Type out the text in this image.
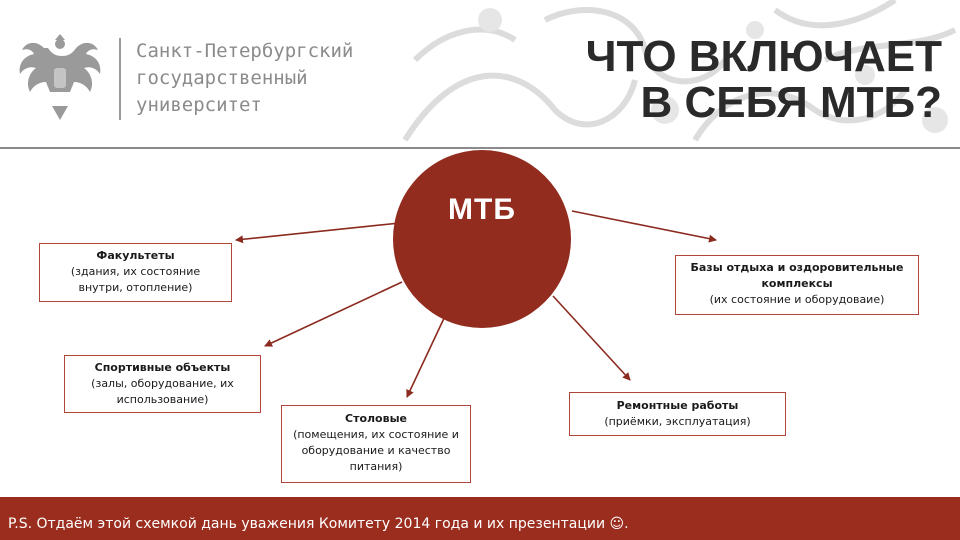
Санкт-Петербургский
государственный
университет
ЧТО ВКЛЮЧАЕТ
В СЕБЯ МТБ?
МТБ
Факультеты
(здания, их состояние
внутри, отопление)
Спортивные объекты
(залы, оборудование, их
использование)
Столовые
(помещения, их состояние и
оборудование и качество
питания)
Ремонтные работы
(приёмки, эксплуатация)
Базы отдыха и оздоровительные
комплексы
(их состояние и оборудоваие)
P.S. Отдаём этой схемкой дань уважения Комитету 2014 года и их презентации ☺.
